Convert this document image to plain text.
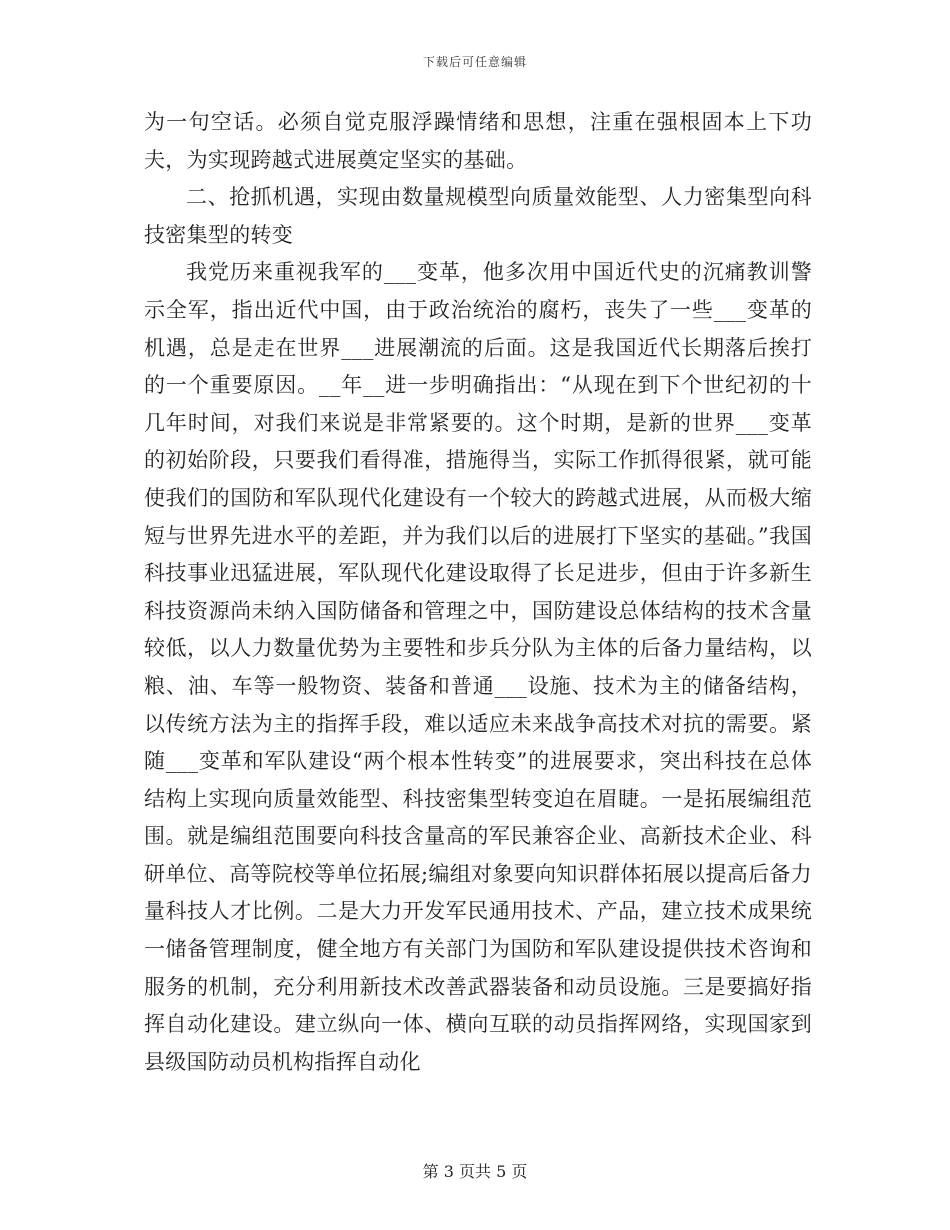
下载后可任意编辑

为一句空话。必须自觉克服浮躁情绪和思想，注重在强根固本上下功夫，为实现跨越式进展奠定坚实的基础。

二、抢抓机遇，实现由数量规模型向质量效能型、人力密集型向科技密集型的转变

我党历来重视我军的___变革，他多次用中国近代史的沉痛教训警示全军，指出近代中国，由于政治统治的腐朽，丧失了一些___变革的机遇，总是走在世界___进展潮流的后面。这是我国近代长期落后挨打的一个重要原因。__年__进一步明确指出：“从现在到下个世纪初的十几年时间，对我们来说是非常紧要的。这个时期，是新的世界___变革的初始阶段，只要我们看得准，措施得当，实际工作抓得很紧，就可能使我们的国防和军队现代化建设有一个较大的跨越式进展，从而极大缩短与世界先进水平的差距，并为我们以后的进展打下坚实的基础。”我国科技事业迅猛进展，军队现代化建设取得了长足进步，但由于许多新生科技资源尚未纳入国防储备和管理之中，国防建设总体结构的技术含量较低，以人力数量优势为主要牲和步兵分队为主体的后备力量结构，以粮、油、车等一般物资、装备和普通___设施、技术为主的储备结构，以传统方法为主的指挥手段，难以适应未来战争高技术对抗的需要。紧随___变革和军队建设“两个根本性转变”的进展要求，突出科技在总体结构上实现向质量效能型、科技密集型转变迫在眉睫。一是拓展编组范围。就是编组范围要向科技含量高的军民兼容企业、高新技术企业、科研单位、高等院校等单位拓展;编组对象要向知识群体拓展以提高后备力量科技人才比例。二是大力开发军民通用技术、产品，建立技术成果统一储备管理制度，健全地方有关部门为国防和军队建设提供技术咨询和服务的机制，充分利用新技术改善武器装备和动员设施。三是要搞好指挥自动化建设。建立纵向一体、横向互联的动员指挥网络，实现国家到县级国防动员机构指挥自动化

第 3 页共 5 页
